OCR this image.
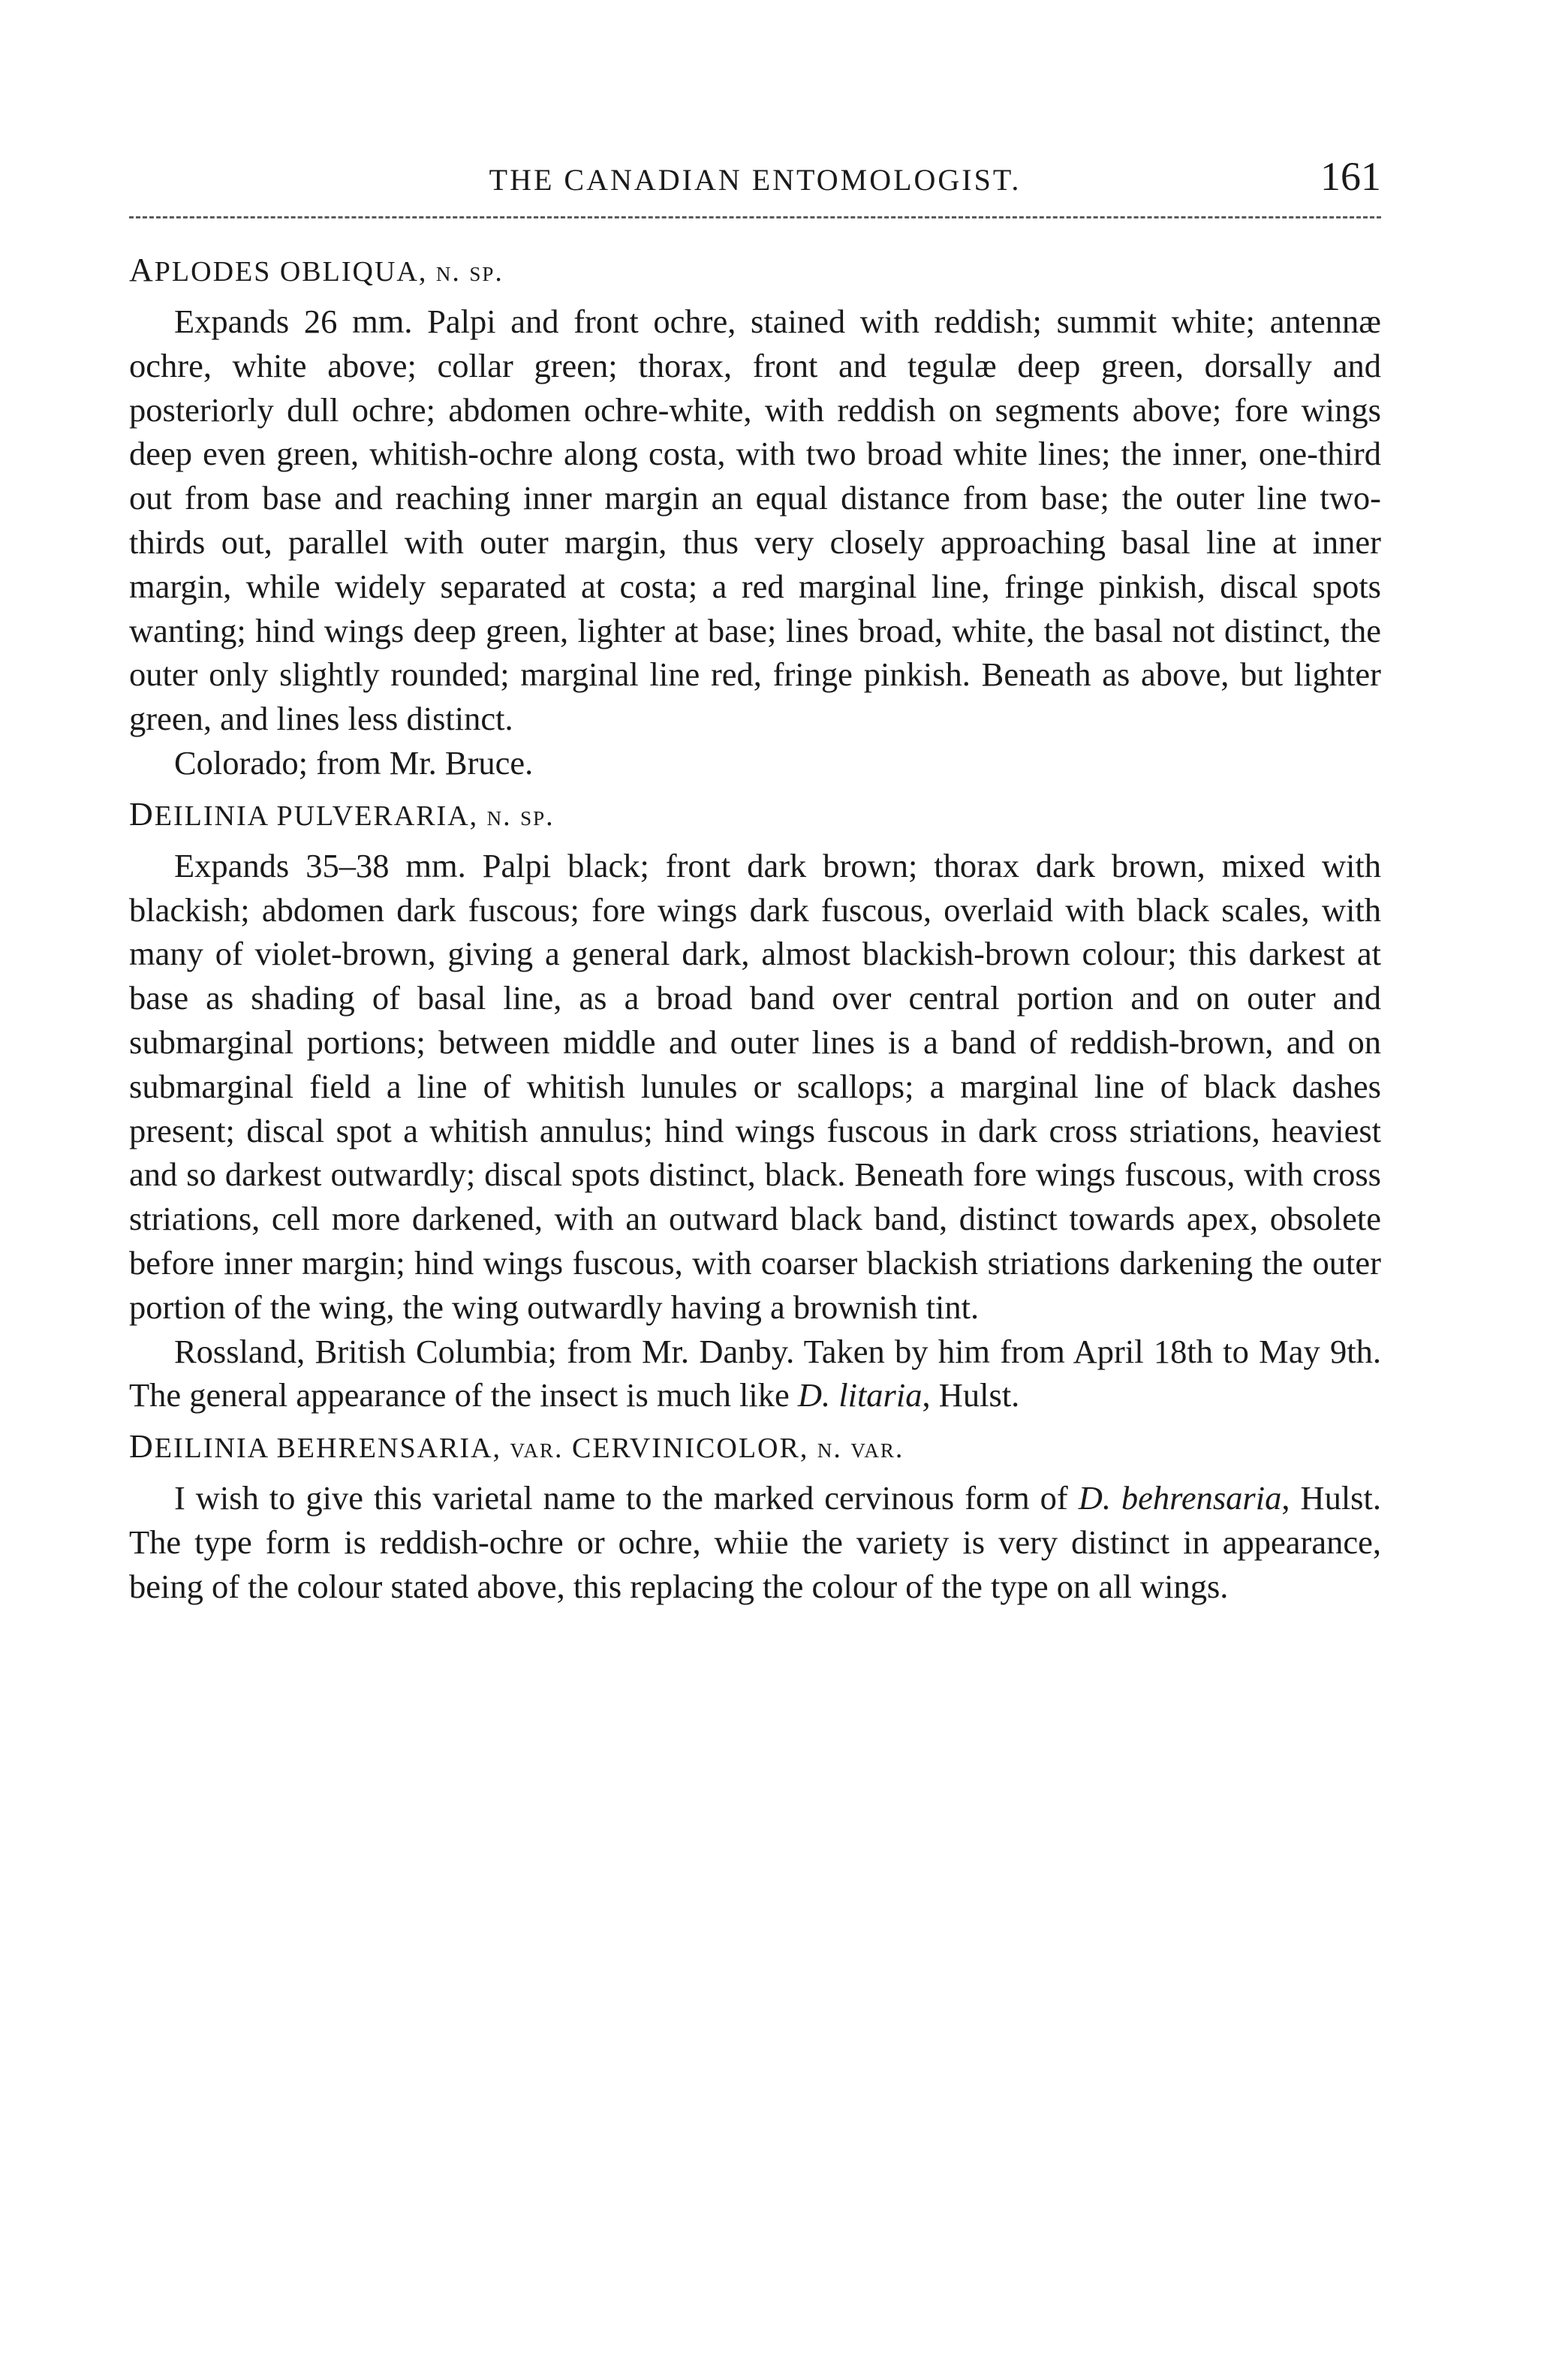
THE CANADIAN ENTOMOLOGIST.	161
APLODES OBLIQUA, n. sp.

Expands 26 mm. Palpi and front ochre, stained with reddish; summit white; antennæ ochre, white above; collar green; thorax, front and tegulæ deep green, dorsally and posteriorly dull ochre; abdomen ochre-white, with reddish on segments above; fore wings deep even green, whitish-ochre along costa, with two broad white lines; the inner, one-third out from base and reaching inner margin an equal distance from base; the outer line two-thirds out, parallel with outer margin, thus very closely approaching basal line at inner margin, while widely separated at costa; a red marginal line, fringe pinkish, discal spots wanting; hind wings deep green, lighter at base; lines broad, white, the basal not distinct, the outer only slightly rounded; marginal line red, fringe pinkish. Beneath as above, but lighter green, and lines less distinct.

Colorado; from Mr. Bruce.

DEILINIA PULVERARIA, n. sp.

Expands 35–38 mm. Palpi black; front dark brown; thorax dark brown, mixed with blackish; abdomen dark fuscous; fore wings dark fuscous, overlaid with black scales, with many of violet-brown, giving a general dark, almost blackish-brown colour; this darkest at base as shading of basal line, as a broad band over central portion and on outer and submarginal portions; between middle and outer lines is a band of reddish-brown, and on submarginal field a line of whitish lunules or scallops; a marginal line of black dashes present; discal spot a whitish annulus; hind wings fuscous in dark cross striations, heaviest and so darkest outwardly; discal spots distinct, black. Beneath fore wings fuscous, with cross striations, cell more darkened, with an outward black band, distinct towards apex, obsolete before inner margin; hind wings fuscous, with coarser blackish striations darkening the outer portion of the wing, the wing outwardly having a brownish tint.

Rossland, British Columbia; from Mr. Danby. Taken by him from April 18th to May 9th. The general appearance of the insect is much like D. litaria, Hulst.

DEILINIA BEHRENSARIA, var. CERVINICOLOR, n. var.

I wish to give this varietal name to the marked cervinous form of D. behrensaria, Hulst. The type form is reddish-ochre or ochre, whiie the variety is very distinct in appearance, being of the colour stated above, this replacing the colour of the type on all wings.
